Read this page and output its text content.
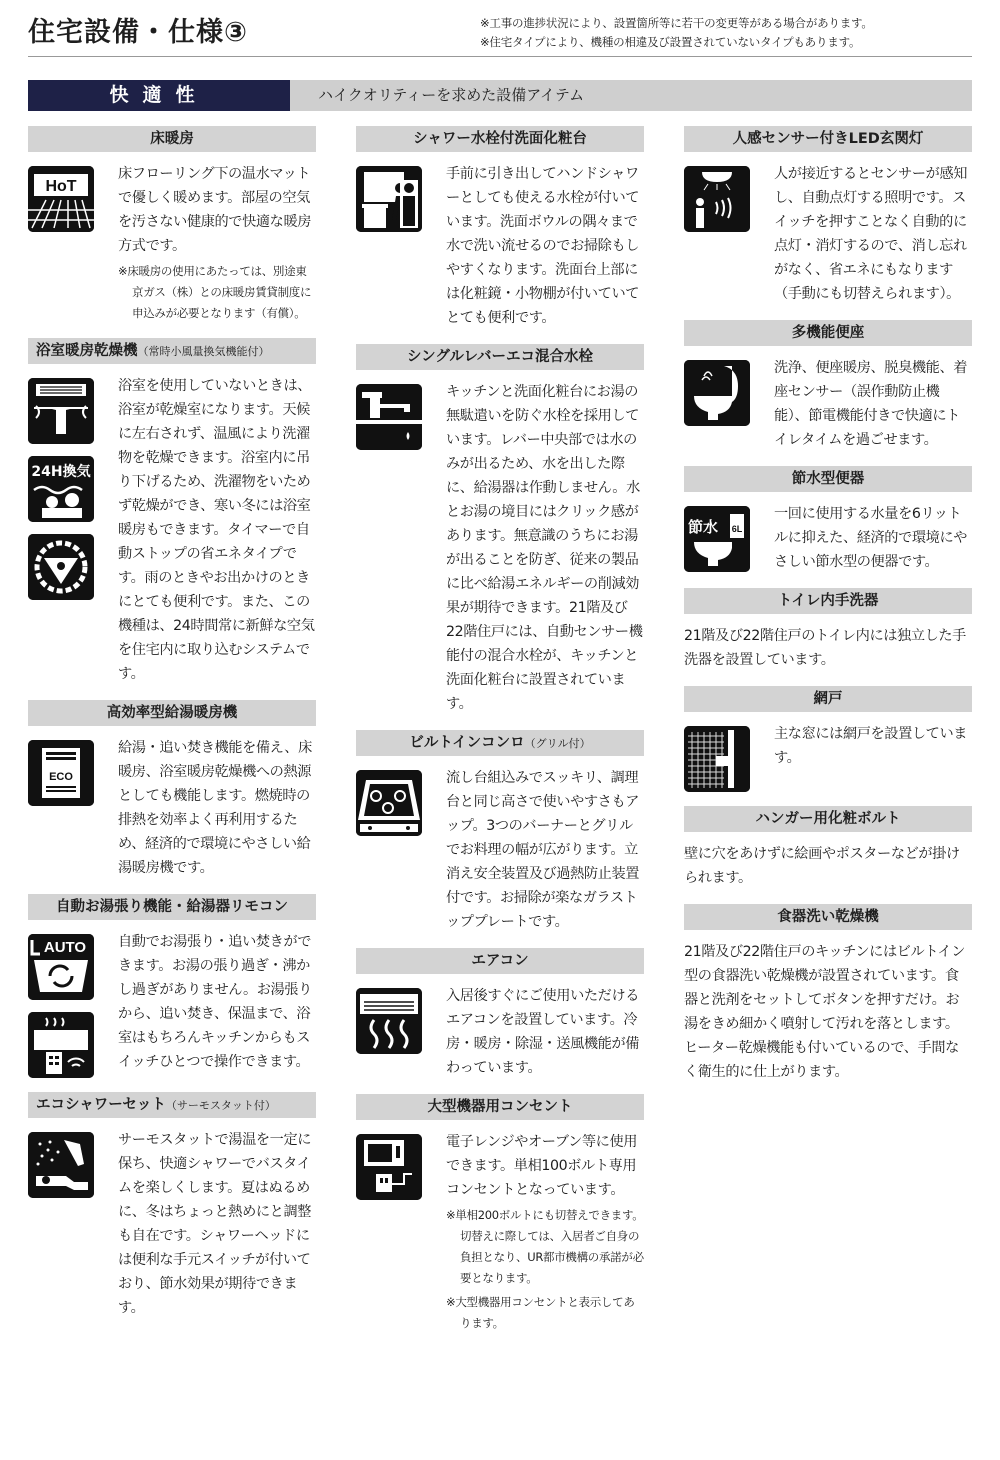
住宅設備・仕様③	※工事の進捗状況により、設置箇所等に若干の変更等がある場合があります。
※住宅タイプにより、機種の相違及び設置されていないタイプもあります。
快適性	ハイクオリティーを求めた設備アイテム
床暖房
HoT
床フローリング下の温水マットで優しく暖めます。部屋の空気を汚さない健康的で快適な暖房方式です。
※床暖房の使用にあたっては、別途東京ガス（株）との床暖房賃貸制度に申込みが必要となります（有償）。
浴室暖房乾燥機（常時小風量換気機能付）
24H換気
浴室を使用していないときは、浴室が乾燥室になります。天候に左右されず、温風により洗濯物を乾燥できます。浴室内に吊り下げるため、洗濯物をいためず乾燥ができ、寒い冬には浴室暖房もできます。タイマーで自動ストップの省エネタイプです。雨のときやお出かけのときにとても便利です。また、この機種は、24時間常に新鮮な空気を住宅内に取り込むシステムです。
高効率型給湯暖房機
ECO
給湯・追い焚き機能を備え、床暖房、浴室暖房乾燥機への熱源としても機能します。燃焼時の排熱を効率よく再利用するため、経済的で環境にやさしい給湯暖房機です。
自動お湯張り機能・給湯器リモコン
AUTO 自動でお湯張り・追い焚きができます。お湯の張り過ぎ・沸かし過ぎがありません。お湯張りから、追い焚き、保温まで、浴室はもちろんキッチンからもスイッチひとつで操作できます。
エコシャワーセット（サーモスタット付）
サーモスタットで湯温を一定に保ち、快適シャワーでバスタイムを楽しくします。夏はぬるめに、冬はちょっと熱めにと調整も自在です。シャワーヘッドには便利な手元スイッチが付いており、節水効果が期待できます。
シャワー水栓付洗面化粧台
手前に引き出してハンドシャワーとしても使える水栓が付いています。洗面ボウルの隅々まで水で洗い流せるのでお掃除もしやすくなります。洗面台上部には化粧鏡・小物棚が付いていてとても便利です。
シングルレバーエコ混合水栓
キッチンと洗面化粧台にお湯の無駄遣いを防ぐ水栓を採用しています。レバー中央部では水のみが出るため、水を出した際に、給湯器は作動しません。水とお湯の境目にはクリック感があります。無意識のうちにお湯が出ることを防ぎ、従来の製品に比べ給湯エネルギーの削減効果が期待できます。21階及び22階住戸には、自動センサー機能付の混合水栓が、キッチンと洗面化粧台に設置されています。
ビルトインコンロ（グリル付）
流し台組込みでスッキリ、調理台と同じ高さで使いやすさもアップ。3つのバーナーとグリルでお料理の幅が広がります。立消え安全装置及び過熱防止装置付です。お掃除が楽なガラストッププレートです。
エアコン
入居後すぐにご使用いただけるエアコンを設置しています。冷房・暖房・除湿・送風機能が備わっています。
大型機器用コンセント
電子レンジやオーブン等に使用できます。単相100ボルト専用コンセントとなっています。
※単相200ボルトにも切替えできます。切替えに際しては、入居者ご自身の負担となり、UR都市機構の承諾が必要となります。
※大型機器用コンセントと表示してあります。
人感センサー付きLED玄関灯
人が接近するとセンサーが感知し、自動点灯する照明です。スイッチを押すことなく自動的に点灯・消灯するので、消し忘れがなく、省エネにもなります（手動にも切替えられます）。
多機能便座
洗浄、便座暖房、脱臭機能、着座センサー（誤作動防止機能）、節電機能付きで快適にトイレタイムを過ごせます。
節水型便器
節水 6L
一回に使用する水量を6リットルに抑えた、経済的で環境にやさしい節水型の便器です。
トイレ内手洗器
21階及び22階住戸のトイレ内には独立した手洗器を設置しています。
網戸
主な窓には網戸を設置しています。
ハンガー用化粧ボルト
壁に穴をあけずに絵画やポスターなどが掛けられます。
食器洗い乾燥機
21階及び22階住戸のキッチンにはビルトイン型の食器洗い乾燥機が設置されています。食器と洗剤をセットしてボタンを押すだけ。お湯をきめ細かく噴射して汚れを落とします。ヒーター乾燥機能も付いているので、手間なく衛生的に仕上がります。
